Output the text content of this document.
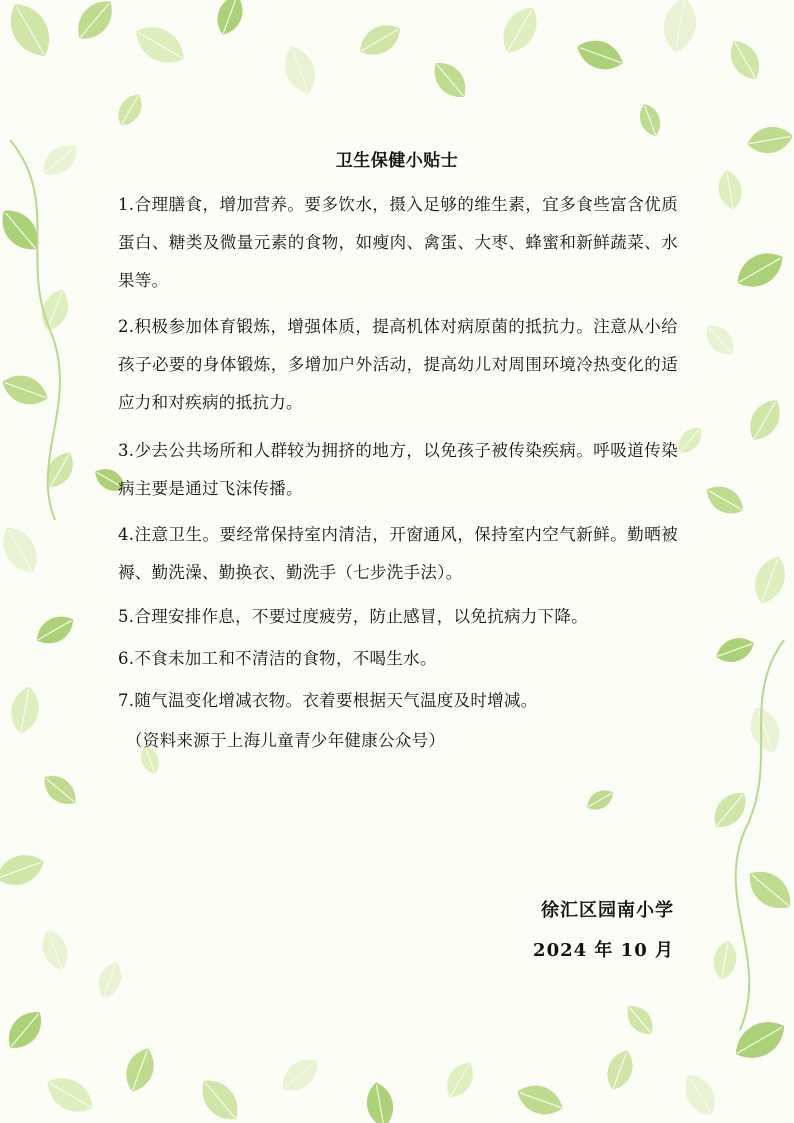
卫生保健小贴士

1.合理膳食，增加营养。要多饮水，摄入足够的维生素，宜多食些富含优质蛋白、糖类及微量元素的食物，如瘦肉、禽蛋、大枣、蜂蜜和新鲜蔬菜、水果等。

2.积极参加体育锻炼，增强体质，提高机体对病原菌的抵抗力。注意从小给孩子必要的身体锻炼，多增加户外活动，提高幼儿对周围环境冷热变化的适应力和对疾病的抵抗力。

3.少去公共场所和人群较为拥挤的地方，以免孩子被传染疾病。呼吸道传染病主要是通过飞沫传播。

4.注意卫生。要经常保持室内清洁，开窗通风，保持室内空气新鲜。勤晒被褥、勤洗澡、勤换衣、勤洗手（七步洗手法）。

5.合理安排作息，不要过度疲劳，防止感冒，以免抗病力下降。

6.不食未加工和不清洁的食物，不喝生水。

7.随气温变化增减衣物。衣着要根据天气温度及时增减。

（资料来源于上海儿童青少年健康公众号）
徐汇区园南小学
2024 年 10 月
